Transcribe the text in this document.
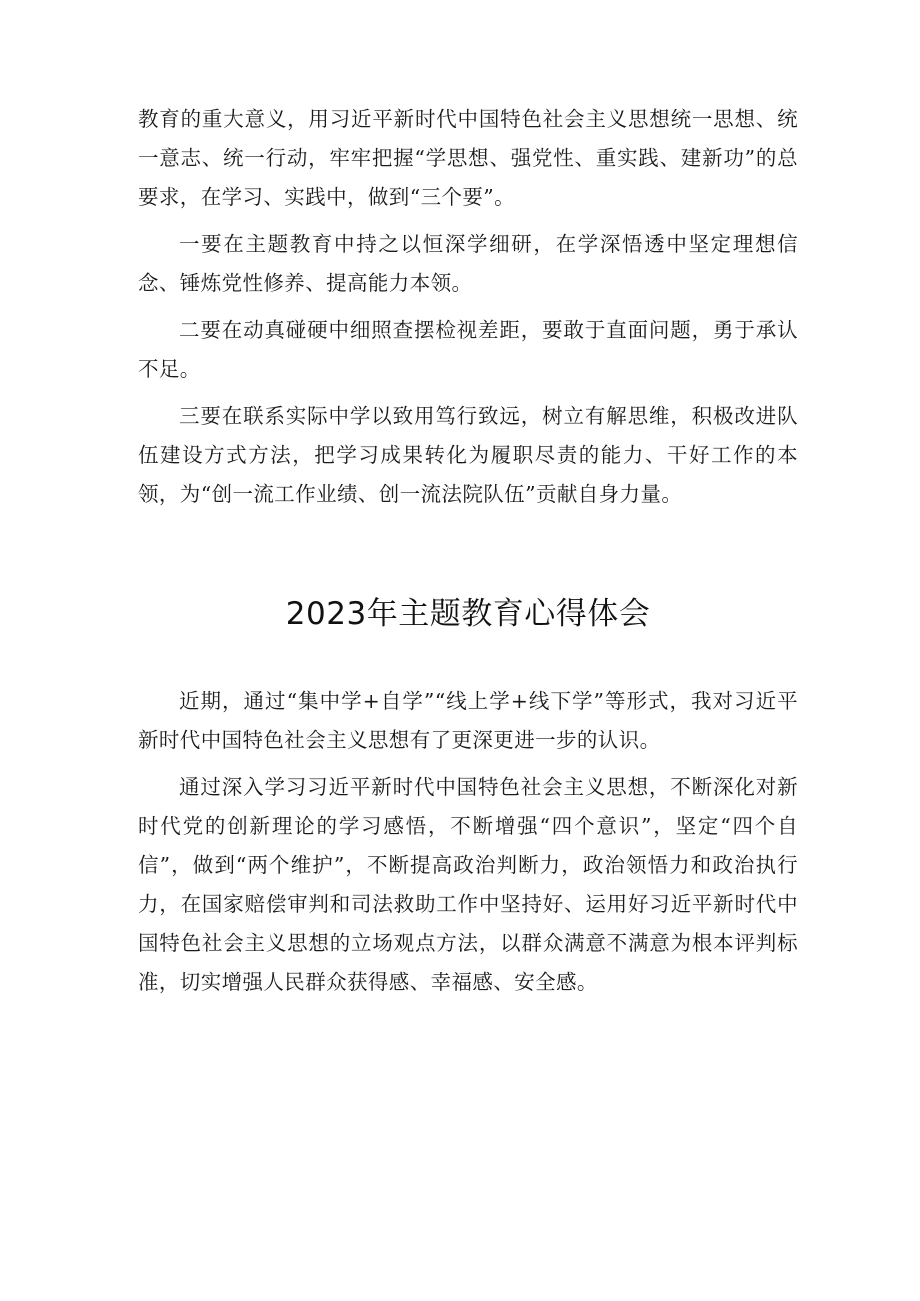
教育的重大意义，用习近平新时代中国特色社会主义思想统一思想、统一意志、统一行动，牢牢把握“学思想、强党性、重实践、建新功”的总要求，在学习、实践中，做到“三个要”。

一要在主题教育中持之以恒深学细研，在学深悟透中坚定理想信念、锤炼党性修养、提高能力本领。

二要在动真碰硬中细照查摆检视差距，要敢于直面问题，勇于承认不足。

三要在联系实际中学以致用笃行致远，树立有解思维，积极改进队伍建设方式方法，把学习成果转化为履职尽责的能力、干好工作的本领，为“创一流工作业绩、创一流法院队伍”贡献自身力量。

2023年主题教育心得体会

近期，通过“集中学+自学”“线上学+线下学”等形式，我对习近平新时代中国特色社会主义思想有了更深更进一步的认识。

通过深入学习习近平新时代中国特色社会主义思想，不断深化对新时代党的创新理论的学习感悟，不断增强“四个意识”，坚定“四个自信”，做到“两个维护”，不断提高政治判断力，政治领悟力和政治执行力，在国家赔偿审判和司法救助工作中坚持好、运用好习近平新时代中国特色社会主义思想的立场观点方法，以群众满意不满意为根本评判标准，切实增强人民群众获得感、幸福感、安全感。
